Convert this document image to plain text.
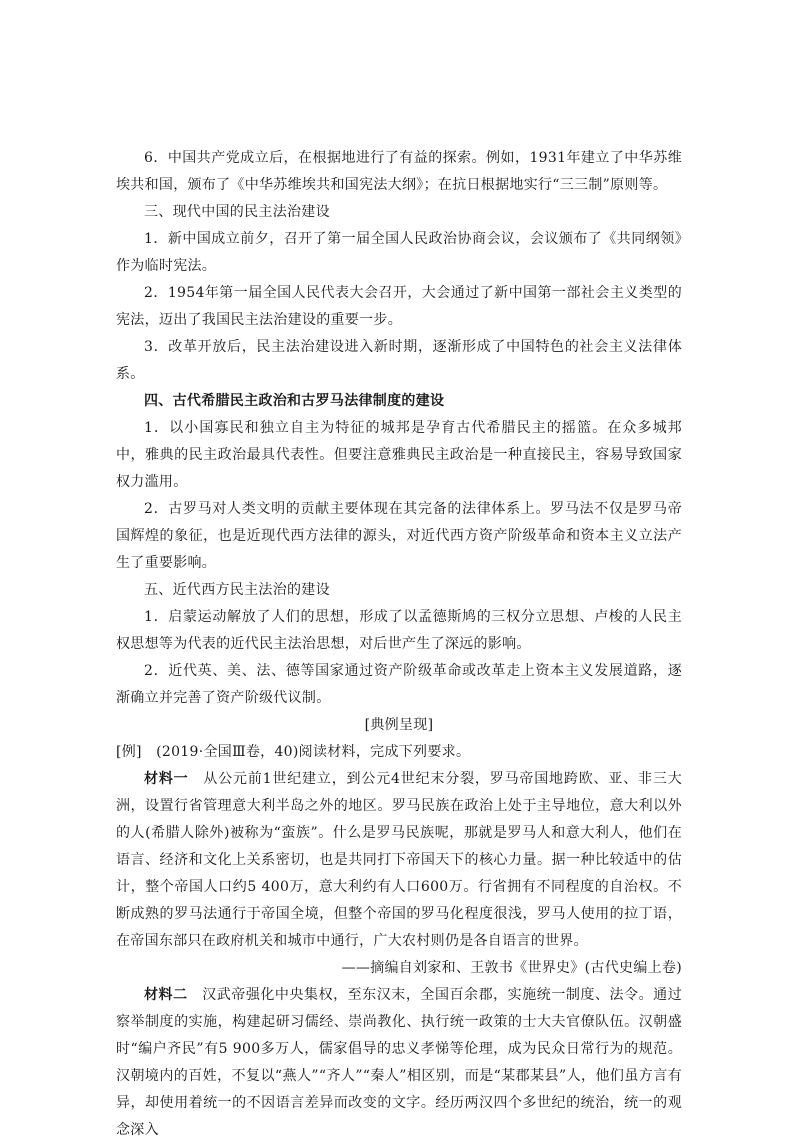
6．中国共产党成立后，在根据地进行了有益的探索。例如，1931年建立了中华苏维埃共和国，颁布了《中华苏维埃共和国宪法大纲》；在抗日根据地实行“三三制”原则等。

三、现代中国的民主法治建设

1．新中国成立前夕，召开了第一届全国人民政治协商会议，会议颁布了《共同纲领》作为临时宪法。

2．1954年第一届全国人民代表大会召开，大会通过了新中国第一部社会主义类型的宪法，迈出了我国民主法治建设的重要一步。

3．改革开放后，民主法治建设进入新时期，逐渐形成了中国特色的社会主义法律体系。

四、古代希腊民主政治和古罗马法律制度的建设

1．以小国寡民和独立自主为特征的城邦是孕育古代希腊民主的摇篮。在众多城邦中，雅典的民主政治最具代表性。但要注意雅典民主政治是一种直接民主，容易导致国家权力滥用。

2．古罗马对人类文明的贡献主要体现在其完备的法律体系上。罗马法不仅是罗马帝国辉煌的象征，也是近现代西方法律的源头，对近代西方资产阶级革命和资本主义立法产生了重要影响。

五、近代西方民主法治的建设

1．启蒙运动解放了人们的思想，形成了以孟德斯鸠的三权分立思想、卢梭的人民主权思想等为代表的近代民主法治思想，对后世产生了深远的影响。

2．近代英、美、法、德等国家通过资产阶级革命或改革走上资本主义发展道路，逐渐确立并完善了资产阶级代议制。

[典例呈现]

[例]　(2019·全国Ⅲ卷，40)阅读材料，完成下列要求。

材料一　从公元前1世纪建立，到公元4世纪末分裂，罗马帝国地跨欧、亚、非三大洲，设置行省管理意大利半岛之外的地区。罗马民族在政治上处于主导地位，意大利以外的人(希腊人除外)被称为“蛮族”。什么是罗马民族呢，那就是罗马人和意大利人，他们在语言、经济和文化上关系密切，也是共同打下帝国天下的核心力量。据一种比较适中的估计，整个帝国人口约5 400万，意大利约有人口600万。行省拥有不同程度的自治权。不断成熟的罗马法通行于帝国全境，但整个帝国的罗马化程度很浅，罗马人使用的拉丁语，在帝国东部只在政府机关和城市中通行，广大农村则仍是各自语言的世界。

——摘编自刘家和、王敦书《世界史》(古代史编上卷)

材料二　汉武帝强化中央集权，至东汉末，全国百余郡，实施统一制度、法令。通过察举制度的实施，构建起研习儒经、崇尚教化、执行统一政策的士大夫官僚队伍。汉朝盛时“编户齐民”有5 900多万人，儒家倡导的忠义孝悌等伦理，成为民众日常行为的规范。汉朝境内的百姓，不复以“燕人”“齐人”“秦人”相区别，而是“某郡某县”人，他们虽方言有异，却使用着统一的不因语言差异而改变的文字。经历两汉四个多世纪的统治，统一的观念深入
